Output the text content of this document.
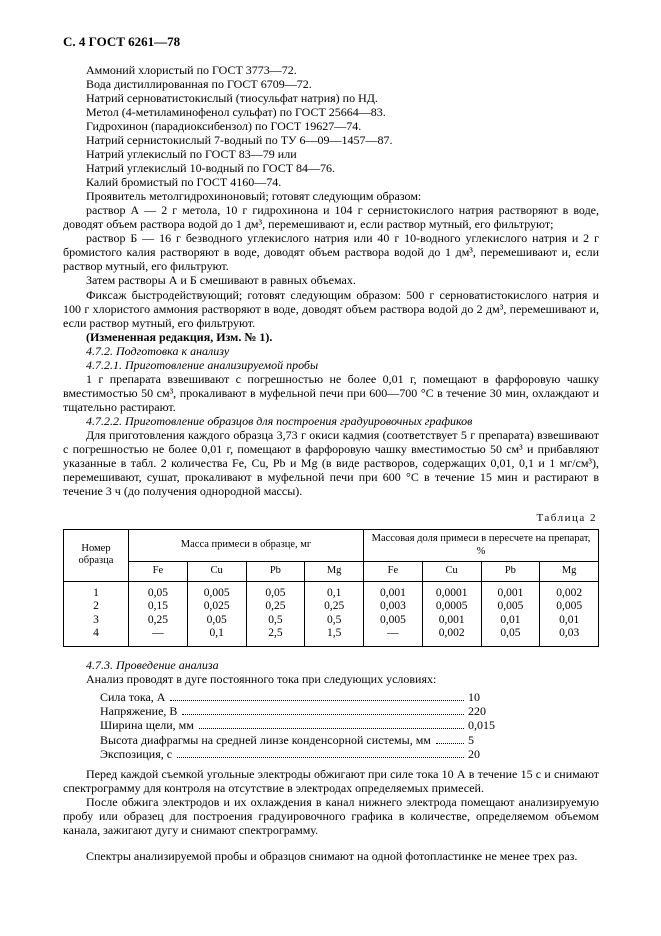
С. 4 ГОСТ 6261—78

Аммоний хлористый по ГОСТ 3773—72.

Вода дистиллированная по ГОСТ 6709—72.

Натрий серноватистокислый (тиосульфат натрия) по НД.

Метол (4-метиламинофенол сульфат) по ГОСТ 25664—83.

Гидрохинон (парадиоксибензол) по ГОСТ 19627—74.

Натрий сернистокислый 7-водный по ТУ 6—09—1457—87.

Натрий углекислый по ГОСТ 83—79 или

Натрий углекислый 10-водный по ГОСТ 84—76.

Калий бромистый по ГОСТ 4160—74.

Проявитель метолгидрохиноновый; готовят следующим образом:

раствор А — 2 г метола, 10 г гидрохинона и 104 г сернистокислого натрия растворяют в воде, доводят объем раствора водой до 1 дм³, перемешивают и, если раствор мутный, его фильтруют;

раствор Б — 16 г безводного углекислого натрия или 40 г 10-водного углекислого натрия и 2 г бромистого калия растворяют в воде, доводят объем раствора водой до 1 дм³, перемешивают и, если раствор мутный, его фильтруют.

Затем растворы А и Б смешивают в равных объемах.

Фиксаж быстродействующий; готовят следующим образом: 500 г серноватистокислого натрия и 100 г хлористого аммония растворяют в воде, доводят объем раствора водой до 2 дм³, перемешивают и, если раствор мутный, его фильтруют.

(Измененная редакция, Изм. № 1).

4.7.2. Подготовка к анализу

4.7.2.1. Приготовление анализируемой пробы

1 г препарата взвешивают с погрешностью не более 0,01 г, помещают в фарфоровую чашку вместимостью 50 см³, прокаливают в муфельной печи при 600—700 °С в течение 30 мин, охлаждают и тщательно растирают.

4.7.2.2. Приготовление образцов для построения градуировочных графиков

Для приготовления каждого образца 3,73 г окиси кадмия (соответствует 5 г препарата) взвешивают с погрешностью не более 0,01 г, помещают в фарфоровую чашку вместимостью 50 см³ и прибавляют указанные в табл. 2 количества Fe, Cu, Pb и Mg (в виде растворов, содержащих 0,01, 0,1 и 1 мг/см³), перемешивают, сушат, прокаливают в муфельной печи при 600 °С в течение 15 мин и растирают в течение 3 ч (до получения однородной массы).

Таблица 2
Номер образца	Масса примеси в образце, мг				Массовая доля примеси в пересчете на препарат, %			
	Fe	Cu	Pb	Mg	Fe	Cu	Pb	Mg
1	0,05	0,005	0,05	0,1	0,001	0,0001	0,001	0,002
2	0,15	0,025	0,25	0,25	0,003	0,0005	0,005	0,005
3	0,25	0,05	0,5	0,5	0,005	0,001	0,01	0,01
4	—	0,1	2,5	1,5	—	0,002	0,05	0,03

4.7.3. Проведение анализа

Анализ проводят в дуге постоянного тока при следующих условиях:

Сила тока, А	10
Напряжение, В	220
Ширина щели, мм	0,015
Высота диафрагмы на средней линзе конденсорной системы, мм	5
Экспозиция, с	20

Перед каждой съемкой угольные электроды обжигают при силе тока 10 А в течение 15 с и снимают спектрограмму для контроля на отсутствие в электродах определяемых примесей.

После обжига электродов и их охлаждения в канал нижнего электрода помещают анализируемую пробу или образец для построения градуировочного графика в количестве, определяемом объемом канала, зажигают дугу и снимают спектрограмму.

Спектры анализируемой пробы и образцов снимают на одной фотопластинке не менее трех раз.
